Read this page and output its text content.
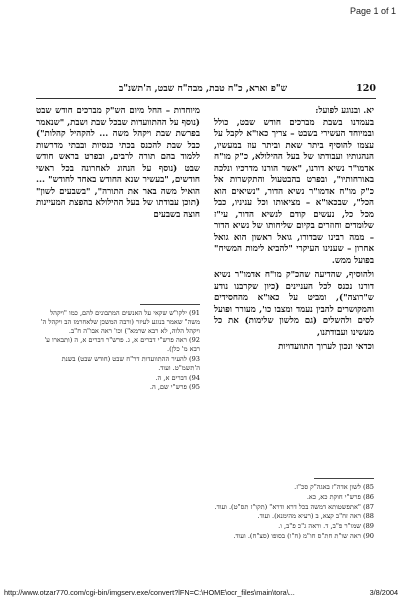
Page 1 of 1
ש"פ וארא, כ"ח טבת, מבה"ח שבט, ה'תשנ"ב	120

יא. ובנוגע לפועל:

בעמדנו בשבת מברכים חודש שבט, כולל ובמיוחד העשירי בשבט – צריך כאו"א לקבל על עצמו להוסיף ביתר שאת וביתר עוז במעשיו, הנהגותיו ועבודתו של בעל ההילולא, כ"ק מו"ח אדמו"ר נשיא דורנו, "אשר הורנו מדרכיו ונלכה באורחותיו", ובפרט בהבטעול והתקשרות אל כ"ק מו"ח אדמו"ר נשיא הדור, "נשיאים הוא הכל", שבכאו"א – מציאותו וכל עניניו, כבל מכל כל, נעשים קודם לנשיא הדור, עי"ז שלומדים וחוזרים בקיום שליחותו של נשיא הדור – ממה רבינו שבדורו, גואל ראשון הוא גואל אחרון – שענינו העיקרי "להביא לימות המשיח" בפועל ממש.

ולהוסיף, שהדיעה שהכ"ק מו"ח אדמו"ר נשיא דורנו נכנס לכל העניינים (כיון שקרבנו נודע ש"רוצה"), ומביט על כאו"א מהחסידים והמקושרים להבין נעמד ומצבו כו', מעורר ופועל לסים ולהשלים (גם מלשון שלימות) את כל מעשינו ועבודתנו,

וכדאי ונכון לערוך התוועדויות

מיוחדות – החל מיום הש"ק מברכים חודש שבט (נוסף על ההתוועדות שבכל שבת ושבת, "שנאמר בפרשת שבת ויקהל משה ... להקהיל קהלות") כבל שבת להכנס בכתי כנסיות ובבתי מדרשות ללמוד בהם תורה לרבים, ובפרט בראש חודש שבט (נוסף על הנהוג לאחרונה בכל ראשי חודשים, "בעשיר שנא החודש באחד לחודש" ... הואיל משה באר את התורה", "בשבעים לשון" (תוכן עבודתו של בעל ההילולא בהפצת המעיינות חוצה בשבעים

91) ילקו"ש שקאי על האנשים המתבונים להם, כמו "ויקהל משה" שאמר בנוגע לעיזר (ורבה המשכן שלאחרמז הב ויקהל ה' ויקהל הלוה, לא רבא שרמא") וכו' ראה אבו"ה ח"ב.

92) ראה פרש"י דברים א, ג. פרש"ר דברים א, ה (ותבארו ע' רבא מ' כלן).

93) להעיר ההתוועדות דר"ח שבט (חודש שבט) בשנת ה'תשמ"ט. ועוד.

94) דברים א, ה.

95) פרש"י שם, ה.

85) לשון אדה"ז באגה"ק סכ"ז.

86) פרש"י חוקת כא, כא.

87) "אתפשטותא דמשה בכל דרא ודרא" (תקו"ז תס"ט). ועוד.

88) ראה זח"ב קצא, ב (רעיא מהימנא). ועוד.

89) שמו"ר פ"ב, ד. וראה ג"כ פ"ב, ו.

90) ראה שו"ת חת"ס חו"מ (ח"ו) בסופו (סצ"ח). ועוד.

http://www.otzar770.com/cgi-bin/imgserv.exe/convert?lFN=C:\HOME\ocr_files\main\tora\...	3/8/2004
